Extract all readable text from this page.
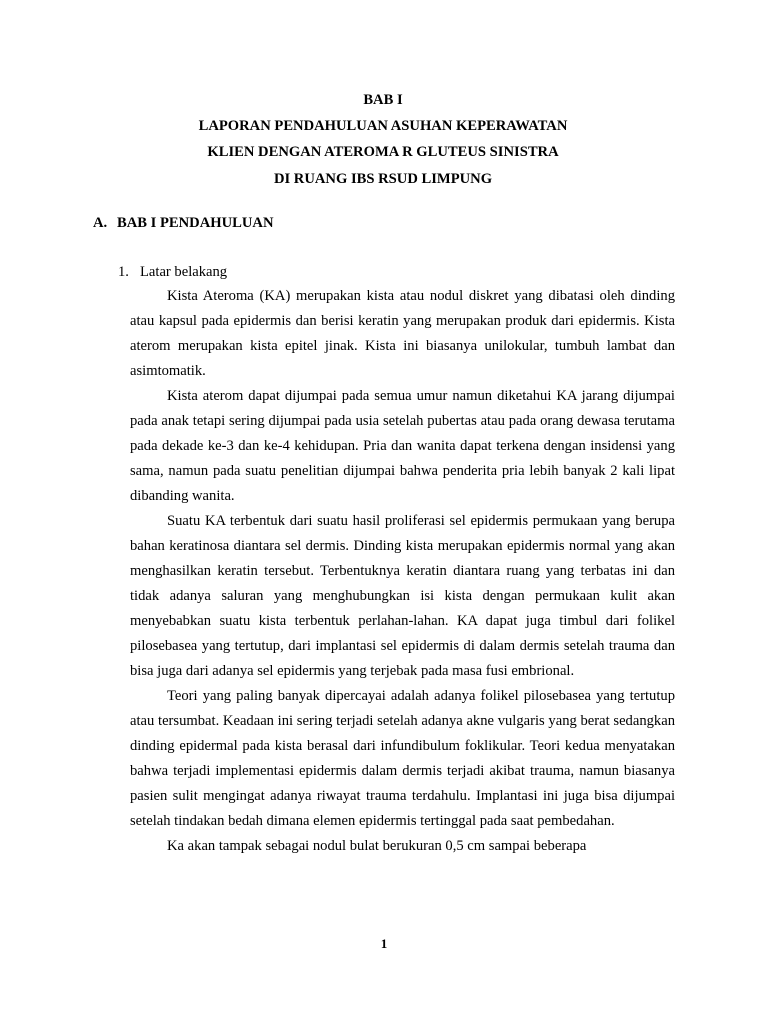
BAB I
LAPORAN PENDAHULUAN ASUHAN KEPERAWATAN
KLIEN DENGAN ATEROMA R GLUTEUS SINISTRA
DI RUANG IBS RSUD LIMPUNG
A. BAB I PENDAHULUAN
1. Latar belakang

Kista Ateroma (KA) merupakan kista atau nodul diskret yang dibatasi oleh dinding atau kapsul pada epidermis dan berisi keratin yang merupakan produk dari epidermis. Kista aterom merupakan kista epitel jinak. Kista ini biasanya unilokular, tumbuh lambat dan asimtomatik.

Kista aterom dapat dijumpai pada semua umur namun diketahui KA jarang dijumpai pada anak tetapi sering dijumpai pada usia setelah pubertas atau pada orang dewasa terutama pada dekade ke-3 dan ke-4 kehidupan. Pria dan wanita dapat terkena dengan insidensi yang sama, namun pada suatu penelitian dijumpai bahwa penderita pria lebih banyak 2 kali lipat dibanding wanita.

Suatu KA terbentuk dari suatu hasil proliferasi sel epidermis permukaan yang berupa bahan keratinosa diantara sel dermis. Dinding kista merupakan epidermis normal yang akan menghasilkan keratin tersebut. Terbentuknya keratin diantara ruang yang terbatas ini dan tidak adanya saluran yang menghubungkan isi kista dengan permukaan kulit akan menyebabkan suatu kista terbentuk perlahan-lahan. KA dapat juga timbul dari folikel pilosebasea yang tertutup, dari implantasi sel epidermis di dalam dermis setelah trauma dan bisa juga dari adanya sel epidermis yang terjebak pada masa fusi embrional.

Teori yang paling banyak dipercayai adalah adanya folikel pilosebasea yang tertutup atau tersumbat. Keadaan ini sering terjadi setelah adanya akne vulgaris yang berat sedangkan dinding epidermal pada kista berasal dari infundibulum foklikular. Teori kedua menyatakan bahwa terjadi implementasi epidermis dalam dermis terjadi akibat trauma, namun biasanya pasien sulit mengingat adanya riwayat trauma terdahulu. Implantasi ini juga bisa dijumpai setelah tindakan bedah dimana elemen epidermis tertinggal pada saat pembedahan.

Ka akan tampak sebagai nodul bulat berukuran 0,5 cm sampai beberapa

1
